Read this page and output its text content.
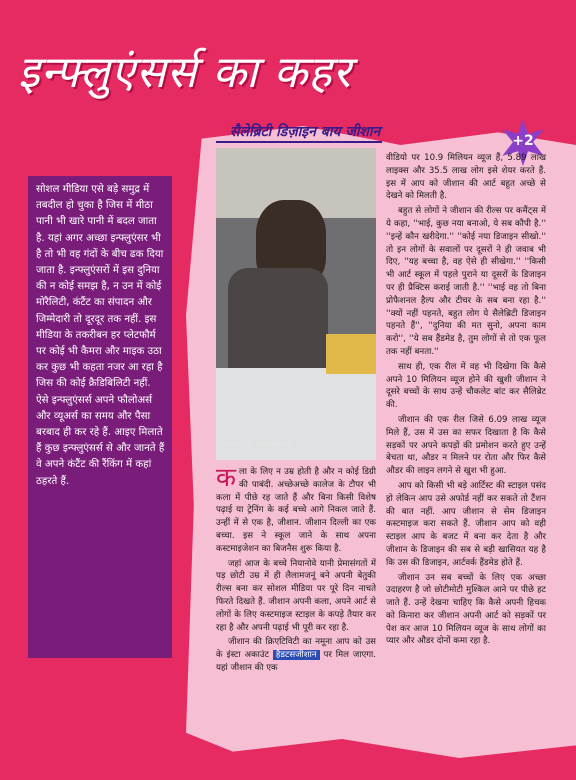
इन्फ्लुएंसर्स का कहर
सैलेब्रिटी डिज़ाइन बाय जीशान
+2
सोशल मीडिया एसे बड़े समुद्र में तबदील हो चुका है जिस में मीठा पानी भी खारे पानी में बदल जाता है. यहां अगर अच्छा इन्फ्लुएंसर भी है तो भी वह गंदों के बीच ढक दिया जाता है. इन्फ्लुएंसरों में इस दुनिया की न कोई समझ है, न उन में कोई मोरैलिटी, कंटैंट का संपादन और जिम्मेदारी तो दूरदूर तक नहीं. इस मीडिया के तकरीबन हर प्लेटफौर्म पर कोई भी कैमरा और माइक उठा कर कुछ भी कहता नजर आ रहा है जिस की कोई क्रैडिबिलिटी नहीं. ऐसे इन्फ्लुएंसर्स अपने फौलोअर्स और व्यूअर्स का समय और पैसा बरबाद ही कर रहे हैं. आइए मिलाते हैं कुछ इन्फ्लुएंसर्स से और जानते हैं वे अपने कंटैंट की रैंकिंग में कहां ठहरते हैं.
Jishan @ Bangalore

कला के लिए न उम्र होती है और न कोई डिग्री की पाबंदी. अच्छेअच्छे कालेज के टौपर भी कला में पीछे रह जाते हैं और बिना किसी विशेष पढ़ाई या ट्रेनिंग के कई बच्चे आगे निकल जाते हैं. उन्हीं में से एक है, जीशान. जीशान दिल्ली का एक बच्चा. इस ने स्कूल जाने के साथ अपना कस्टमाइजेशन का बिजनैस शुरू किया है.

जहां आज के बच्चे नियानोवे यानी प्रेमासंगतों में पड़ छोटी उम्र में ही लैलामजनूं बने अपनी बेतुकी रील्स बना कर सोशल मीडिया पर पूरे दिन नाचते फिरते दिखते हैं. जीशान अपनी कला, अपने आर्ट से लोगों के लिए कस्टमाइज स्टाइल के कपड़े तैयार कर रहा है और अपनी पढ़ाई भी पूरी कर रहा है.

जीशान की क्रिएटिविटी का नमूना आप को उस के इंस्टा अकाउंट हैडटसजीशान पर मिल जाएगा. यहां जीशान की एक

वीडियो पर 10.9 मिलियन व्यूज हैं, 5.89 लाख लाइक्स और 35.5 लाख लोग इसे शेयर करते हैं. इस में आप को जीशान की आर्ट बहुत अच्छे से देखने को मिलती है.

बहुत से लोगों ने जीशान की रील्स पर कमैंट्स में ये कहा, ''भाई, कुछ नया बनाओ, ये सब कौपी है.'' ''इन्हें कौन खरीदेगा.'' ''कोई नया डिजाइन सीखो.'' तो इन लोगों के सवालों पर दूसरों ने ही जवाब भी दिए, ''यह बच्चा है, वह ऐसे ही सीखेगा.'' ''किसी भी आर्ट स्कूल में पहले पुराने या दूसरों के डिजाइन पर ही प्रैक्टिस कराई जाती है.'' ''भाई वह तो बिना प्रोफैशनल हैल्प और टीचर के सब बना रहा है.'' ''क्यों नहीं पहनते, बहुत लोग ये सैलेब्रिटी डिजाइन पहनते हैं'', ''दुनिया की मत सुनो, अपना काम करो'', ''ये सब हैंडमेड है, तुम लोगों से तो एक फूल तक नहीं बनता.''

साथ ही, एक रील में वह भी दिखेगा कि कैसे अपने 10 मिलियन व्यूज होने की खुशी जीशान ने दूसरे बच्चों के साथ उन्हें चौकलेट बांट कर सैलिब्रेट की.

जीशान की एक रील जिसे 6.09 लाख व्यूज मिले हैं, उस में उस का सफर दिखाता है कि कैसे सड़कों पर अपने कपड़ों की प्रमोशन करते हुए उन्हें बेचता था, औडर न मिलने पर रोता और फिर कैसे औडर की लाइन लगने से खुश भी हुआ.

आप को किसी भी बड़े आर्टिस्ट की स्टाइल पसंद हो लेकिन आप उसे अफोर्ड नहीं कर सकते तो टैंशन की बात नहीं. आप जीशान से सेम डिजाइन कस्टमाइज करा सकते हैं. जीशान आप को वही स्टाइल आप के बजट में बना कर देता है और जीशान के डिजाइन की सब से बड़ी खासियत यह है कि उस की डिजाइन, आर्टवर्क हैंडमेड होते हैं.

जीशान उन सब बच्चों के लिए एक अच्छा उदाहरण है जो छोटीमोटी मुश्किल आने पर पीछे हट जाते हैं. उन्हें देखना चाहिए कि कैसे अपनी हिचक को किनारा कर जीशान अपनी आर्ट को सड़कों पर पेश कर आज 10 मिलियन व्यूज के साथ लोगों का प्यार और औडर दोनों कमा रहा है.
